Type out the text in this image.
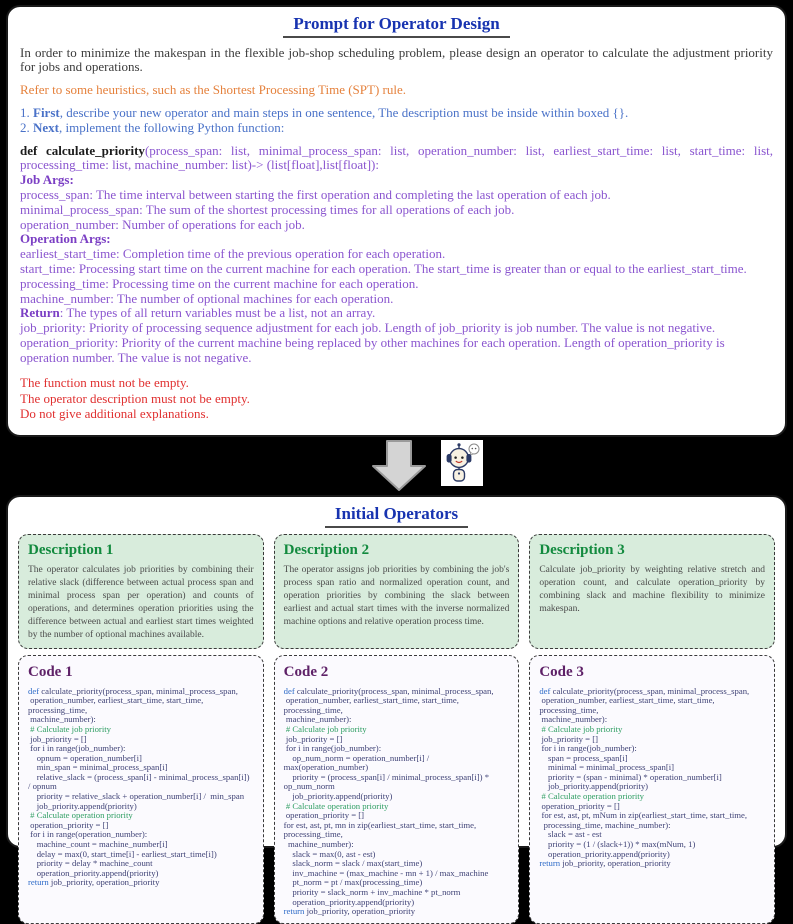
Prompt for Operator Design
In order to minimize the makespan in the flexible job-shop scheduling problem, please design an operator to calculate the adjustment priority for jobs and operations.
Refer to some heuristics, such as the Shortest Processing Time (SPT) rule.
1. First, describe your new operator and main steps in one sentence, The description must be inside within boxed {}.
2. Next, implement the following Python function:
def calculate_priority(process_span: list, minimal_process_span: list, operation_number: list, earliest_start_time: list, start_time: list, processing_time: list, machine_number: list)-> (list[float],list[float]):
Job Args:
process_span: The time interval between starting the first operation and completing the last operation of each job.
minimal_process_span: The sum of the shortest processing times for all operations of each job.
operation_number: Number of operations for each job.
Operation Args:
earliest_start_time: Completion time of the previous operation for each operation.
start_time: Processing start time on the current machine for each operation. The start_time is greater than or equal to the earliest_start_time.
processing_time: Processing time on the current machine for each operation.
machine_number: The number of optional machines for each operation.
Return: The types of all return variables must be a list, not an array.
job_priority: Priority of processing sequence adjustment for each job. Length of job_priority is job number. The value is not negative.
operation_priority: Priority of the current machine being replaced by other machines for each operation. Length of operation_priority is operation number. The value is not negative.
The function must not be empty.
The operator description must not be empty.
Do not give additional explanations.
Initial Operators
Description 1
The operator calculates job priorities by combining their relative slack (difference between actual process span and minimal process span per operation) and counts of operations, and determines operation priorities using the difference between actual and earliest start times weighted by the number of optional machines available.
Description 2
The operator assigns job priorities by combining the job's process span ratio and normalized operation count, and operation priorities by combining the slack between earliest and actual start times with the inverse normalized machine options and relative operation process time.
Description 3
Calculate job_priority by weighting relative stretch and operation count, and calculate operation_priority by combining slack and machine flexibility to minimize makespan.
Code 1
def calculate_priority(process_span, minimal_process_span,
operation_number, earliest_start_time, start_time, processing_time,
machine_number):
# Calculate job priority
job_priority = []
for i in range(job_number):
opnum = operation_number[i]
min_span = minimal_process_span[i]
relative_slack = (process_span[i] - minimal_process_span[i]) / opnum
priority = relative_slack + operation_number[i] /  min_span
job_priority.append(priority)
# Calculate operation priority
operation_priority = []
for i in range(operation_number):
machine_count = machine_number[i]
delay = max(0, start_time[i] - earliest_start_time[i])
priority = delay * machine_count
operation_priority.append(priority)
return job_priority, operation_priority
Code 2
def calculate_priority(process_span, minimal_process_span,
operation_number, earliest_start_time, start_time, processing_time,
machine_number):
# Calculate job priority
job_priority = []
for i in range(job_number):
op_num_norm = operation_number[i] / max(operation_number)
priority = (process_span[i] / minimal_process_span[i]) * op_num_norm
job_priority.append(priority)
# Calculate operation priority
operation_priority = []
for est, ast, pt, mn in zip(earliest_start_time, start_time, processing_time,
machine_number):
slack = max(0, ast - est)
slack_norm = slack / max(start_time)
inv_machine = (max_machine - mn + 1) / max_machine
pt_norm = pt / max(processing_time)
priority = slack_norm + inv_machine * pt_norm
operation_priority.append(priority)
return job_priority, operation_priority
Code 3
def calculate_priority(process_span, minimal_process_span,
operation_number, earliest_start_time, start_time, processing_time,
machine_number):
# Calculate job priority
job_priority = []
for i in range(job_number):
span = process_span[i]
minimal = minimal_process_span[i]
priority = (span - minimal) * operation_number[i]
job_priority.append(priority)
# Calculate operation priority
operation_priority = []
for est, ast, pt, mNum in zip(earliest_start_time, start_time,
processing_time, machine_number):
slack = ast - est
priority = (1 / (slack+1)) * max(mNum, 1)
operation_priority.append(priority)
return job_priority, operation_priority
